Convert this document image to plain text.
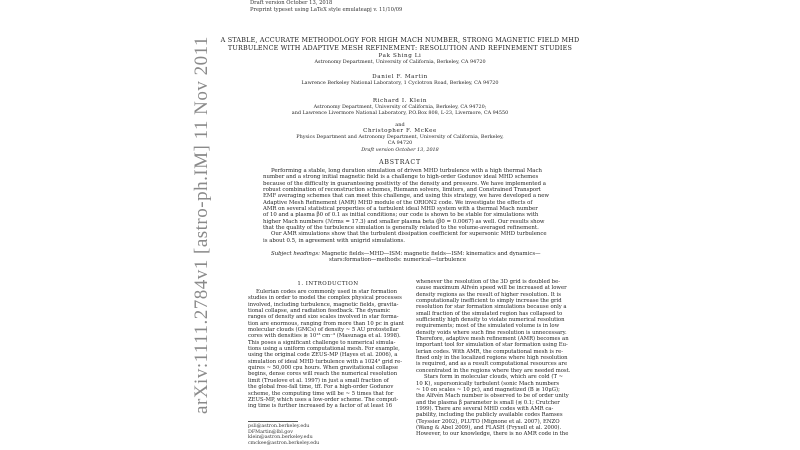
arXiv:1111.2784v1 [astro-ph.IM] 11 Nov 2011
Draft version October 13, 2018
Preprint typeset using LaTeX style emulateapj v. 11/10/09
A STABLE, ACCURATE METHODOLOGY FOR HIGH MACH NUMBER, STRONG MAGNETIC FIELD MHD
TURBULENCE WITH ADAPTIVE MESH REFINEMENT: RESOLUTION AND REFINEMENT STUDIES
Pak Shing Li
Astronomy Department, University of California, Berkeley, CA 94720
Daniel F. Martin
Lawrence Berkeley National Laboratory, 1 Cyclotron Road, Berkeley, CA 94720
Richard I. Klein
Astronomy Department, University of California, Berkeley, CA 94720;
and Lawrence Livermore National Laboratory, P.O.Box 808, L-23, Livermore, CA 94550
and
Christopher F. McKee
Physics Department and Astronomy Department, University of California, Berkeley,
CA 94720
Draft version October 13, 2018
ABSTRACT
Performing a stable, long duration simulation of driven MHD turbulence with a high thermal Mach
number and a strong initial magnetic field is a challenge to high-order Godunov ideal MHD schemes
because of the difficulty in guaranteeing positivity of the density and pressure. We have implemented a
robust combination of reconstruction schemes, Riemann solvers, limiters, and Constrained Transport
EMF averaging schemes that can meet this challenge, and using this strategy, we have developed a new
Adaptive Mesh Refinement (AMR) MHD module of the ORION2 code. We investigate the effects of
AMR on several statistical properties of a turbulent ideal MHD system with a thermal Mach number
of 10 and a plasma β0 of 0.1 as initial conditions; our code is shown to be stable for simulations with
higher Mach numbers (ℳrms = 17.3) and smaller plasma beta (β0 = 0.0067) as well. Our results show
that the quality of the turbulence simulation is generally related to the volume-averaged refinement.
Our AMR simulations show that the turbulent dissipation coefficient for supersonic MHD turbulence
is about 0.5, in agreement with unigrid simulations.
Subject headings: Magnetic fields—MHD—ISM: magnetic fields—ISM: kinematics and dynamics—
stars:formation—methods: numerical—turbulence
1. INTRODUCTION
Eulerian codes are commonly used in star formation
studies in order to model the complex physical processes
involved, including turbulence, magnetic fields, gravita-
tional collapse, and radiation feedback. The dynamic
ranges of density and size scales involved in star forma-
tion are enormous, ranging from more than 10 pc in giant
molecular clouds (GMCs) of density ~ 5 AU protostellar
cores with densities ≳ 10¹³ cm⁻³ (Masunaga et al. 1998).
This poses a significant challenge to numerical simula-
tions using a uniform computational mesh. For example,
using the original code ZEUS-MP (Hayes et al. 2006), a
simulation of ideal MHD turbulence with a 1024³ grid re-
quires ~ 50,000 cpu hours. When gravitational collapse
begins, dense cores will reach the numerical resolution
limit (Truelove et al. 1997) in just a small fraction of
the global free-fall time, tff. For a high-order Godunov
scheme, the computing time will be ~ 5 times that for
ZEUS-MP, which uses a low-order scheme. The comput-
ing time is further increased by a factor of at least 16
psli@astron.berkeley.edu
DFMartin@lbl.gov
klein@astron.berkeley.edu
cmckee@astron.berkeley.edu
whenever the resolution of the 3D grid is doubled be-
cause maximum Alfvén speed will be increased at lower
density regions as the result of higher resolution. It is
computationally inefficient to simply increase the grid
resolution for star formation simulations because only a
small fraction of the simulated region has collapsed to
sufficiently high density to violate numerical resolution
requirements; most of the simulated volume is in low
density voids where such fine resolution is unnecessary.
Therefore, adaptive mesh refinement (AMR) becomes an
important tool for simulation of star formation using Eu-
lerian codes. With AMR, the computational mesh is re-
fined only in the localized regions where high resolution
is required, and as a result computational resources are
concentrated in the regions where they are needed most.
Stars form in molecular clouds, which are cold (T ~
10 K), supersonically turbulent (sonic Mach numbers
~ 10 on scales ~ 10 pc), and magnetized (B ≳ 10μG);
the Alfvén Mach number is observed to be of order unity
and the plasma β parameter is small (≲ 0.1; Crutcher
1999). There are several MHD codes with AMR ca-
pability, including the publicly available codes Ramses
(Teyssier 2002), PLUTO (Mignone et al. 2007), ENZO
(Wang & Abel 2009), and FLASH (Fryxell et al. 2000).
However, to our knowledge, there is no AMR code in the
